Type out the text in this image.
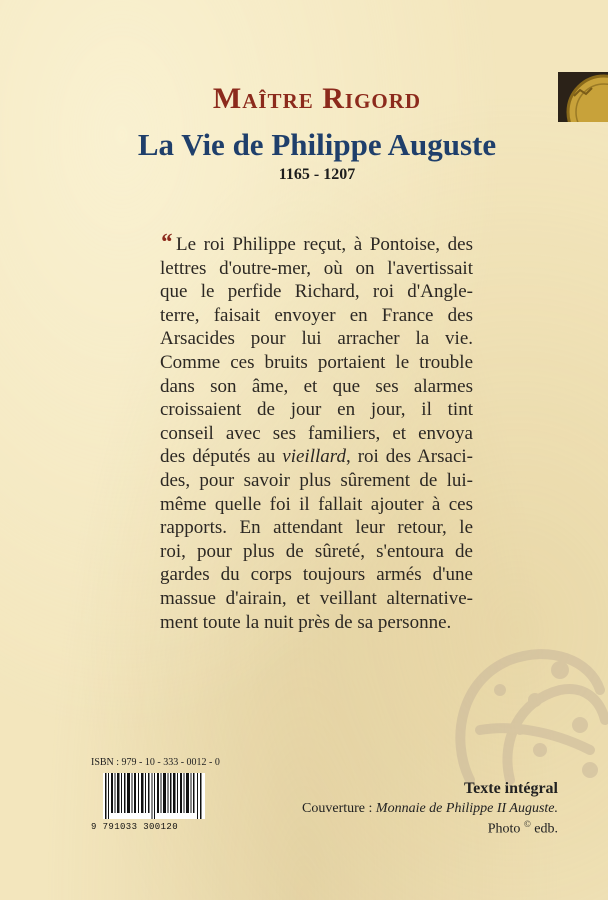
Maître Rigord
La Vie de Philippe Auguste
1165 - 1207
“ Le roi Philippe reçut, à Pontoise, des
lettres d'outre-mer, où on l'avertissait
que le perfide Richard, roi d'Angle-
terre, faisait envoyer en France des
Arsacides pour lui arracher la vie.
Comme ces bruits portaient le trouble
dans son âme, et que ses alarmes
croissaient de jour en jour, il tint
conseil avec ses familiers, et envoya
des députés au vieillard, roi des Arsaci-
des, pour savoir plus sûrement de lui-
même quelle foi il fallait ajouter à ces
rapports. En attendant leur retour, le
roi, pour plus de sûreté, s'entoura de
gardes du corps toujours armés d'une
massue d'airain, et veillant alternative-
ment toute la nuit près de sa personne.
ISBN : 979 - 10 - 333 - 0012 - 0
9 791033 300120
Texte intégral
Couverture : Monnaie de Philippe II Auguste.
Photo © edb.
